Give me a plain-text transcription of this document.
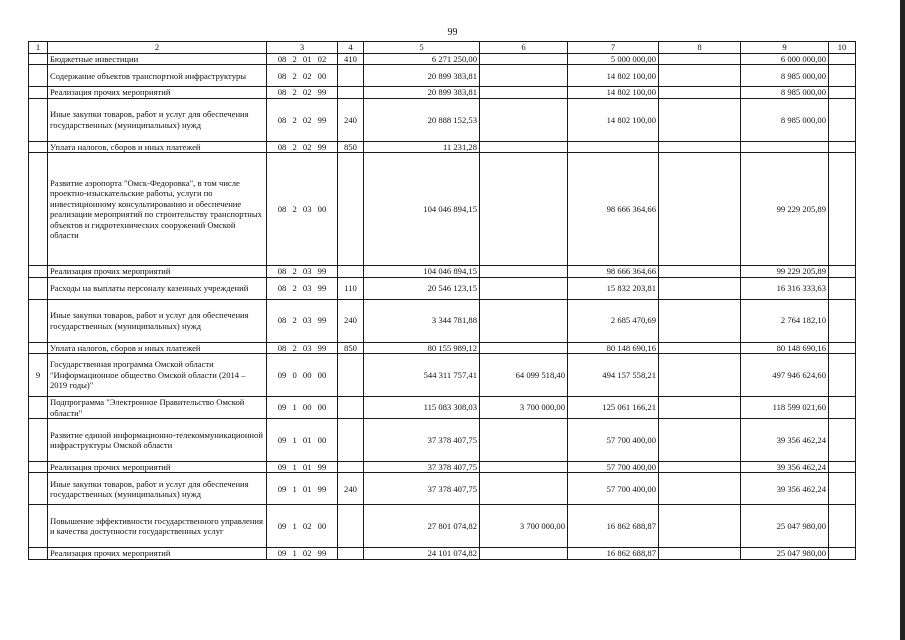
99
1	2	3	4	5	6	7	8	9	10
	Бюджетные инвестиции	08 2 01 02	410	6 271 250,00		5 000 000,00		6 000 000,00	
	Содержание объектов транспортной инфраструктуры	08 2 02 00		20 899 383,81		14 802 100,00		8 985 000,00	
	Реализация прочих мероприятий	08 2 02 99		20 899 383,81		14 802 100,00		8 985 000,00	
	Иные закупки товаров, работ и услуг для обеспечения государственных (муниципальных) нужд	08 2 02 99	240	20 888 152,53		14 802 100,00		8 985 000,00	
	Уплата налогов, сборов и иных платежей	08 2 02 99	850	11 231,28					
	Развитие аэропорта "Омск-Федоровка", в том числе проектно-изыскательские работы, услуги по инвестиционному консультированию и обеспечение реализации мероприятий по строительству транспортных объектов и гидротехнических сооружений Омской области	08 2 03 00		104 046 894,15		98 666 364,66		99 229 205,89	
	Реализация прочих мероприятий	08 2 03 99		104 046 894,15		98 666 364,66		99 229 205,89	
	Расходы на выплаты персоналу казенных учреждений	08 2 03 99	110	20 546 123,15		15 832 203,81		16 316 333,63	
	Иные закупки товаров, работ и услуг для обеспечения государственных (муниципальных) нужд	08 2 03 99	240	3 344 781,88		2 685 470,69		2 764 182,10	
	Уплата налогов, сборов и иных платежей	08 2 03 99	850	80 155 989,12		80 148 690,16		80 148 690,16	
9	Государственная программа Омской области "Информационное общество Омской области (2014 – 2019 годы)"	09 0 00 00		544 311 757,41	64 099 518,40	494 157 558,21		497 946 624,60	
	Подпрограмма "Электронное Правительство Омской области"	09 1 00 00		115 083 308,03	3 700 000,00	125 061 166,21		118 599 021,60	
	Развитие единой информационно-телекоммуникационной инфраструктуры Омской области	09 1 01 00		37 378 407,75		57 700 400,00		39 356 462,24	
	Реализация прочих мероприятий	09 1 01 99		37 378 407,75		57 700 400,00		39 356 462,24	
	Иные закупки товаров, работ и услуг для обеспечения государственных (муниципальных) нужд	09 1 01 99	240	37 378 407,75		57 700 400,00		39 356 462,24	
	Повышение эффективности государственного управления и качества доступности государственных услуг	09 1 02 00		27 801 074,82	3 700 000,00	16 862 688,87		25 047 980,00	
	Реализация прочих мероприятий	09 1 02 99		24 101 074,82		16 862 688,87		25 047 980,00	
